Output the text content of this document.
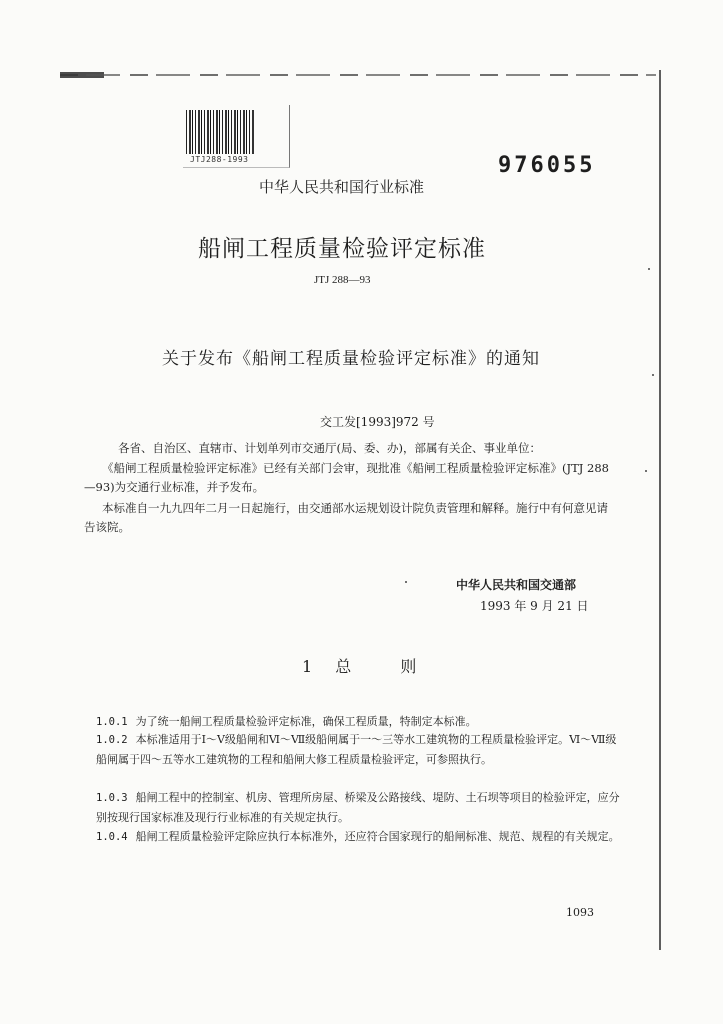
JTJ288-1993	976055
中华人民共和国行业标准
船闸工程质量检验评定标准
JTJ 288—93
关于发布《船闸工程质量检验评定标准》的通知
交工发[1993]972 号
各省、自治区、直辖市、计划单列市交通厅(局、委、办)，部属有关企、事业单位：
《船闸工程质量检验评定标准》已经有关部门会审，现批准《船闸工程质量检验评定标准》(JTJ 288—93)为交通行业标准，并予发布。
本标准自一九九四年二月一日起施行，由交通部水运规划设计院负责管理和解释。施行中有何意见请告该院。
中华人民共和国交通部
1993 年 9 月 21 日
1 总	则
1.0.1 为了统一船闸工程质量检验评定标准，确保工程质量，特制定本标准。
1.0.2 本标准适用于Ⅰ～Ⅴ级船闸和Ⅵ～Ⅶ级船闸属于一～三等水工建筑物的工程质量检验评定。Ⅵ～Ⅶ级船闸属于四～五等水工建筑物的工程和船闸大修工程质量检验评定，可参照执行。
1.0.3 船闸工程中的控制室、机房、管理所房屋、桥梁及公路接线、堤防、土石坝等项目的检验评定，应分别按现行国家标准及现行行业标准的有关规定执行。
1.0.4 船闸工程质量检验评定除应执行本标准外，还应符合国家现行的船闸标准、规范、规程的有关规定。
1093
